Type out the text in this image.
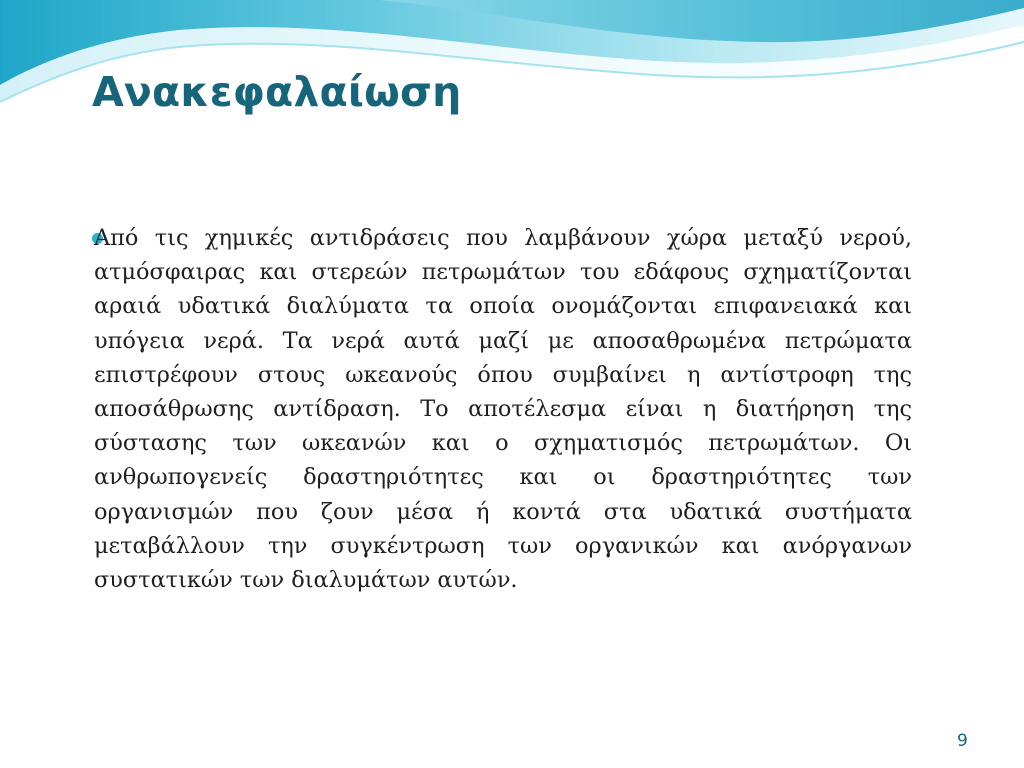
Ανακεφαλαίωση

Από τις χημικές αντιδράσεις που λαμβάνουν χώρα μεταξύ νερού, ατμόσφαιρας και στερεών πετρωμάτων του εδάφους σχηματίζονται αραιά υδατικά διαλύματα τα οποία ονομάζονται επιφανειακά και υπόγεια νερά. Τα νερά αυτά μαζί με αποσαθρωμένα πετρώματα επιστρέφουν στους ωκεανούς όπου συμβαίνει η αντίστροφη της αποσάθρωσης αντίδραση. Το αποτέλεσμα είναι η διατήρηση της σύστασης των ωκεανών και ο σχηματισμός πετρωμάτων. Οι ανθρωπογενείς δραστηριότητες και οι δραστηριότητες των οργανισμών που ζουν μέσα ή κοντά στα υδατικά συστήματα μεταβάλλουν την συγκέντρωση των οργανικών και ανόργανων συστατικών των διαλυμάτων αυτών.

9
